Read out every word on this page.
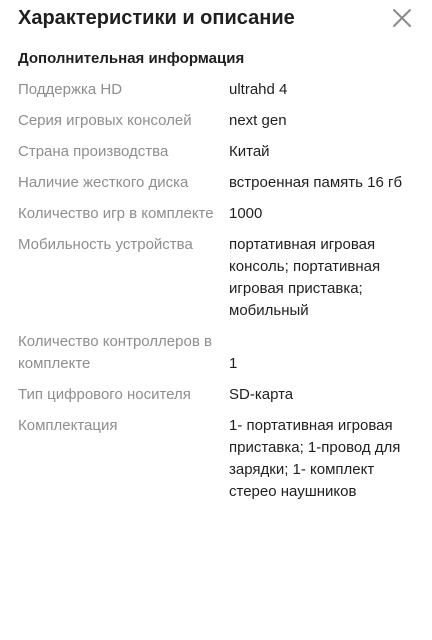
Характеристики и описание
Дополнительная информация
Поддержка HD	ultrahd 4
Серия игровых консолей	next gen
Страна производства	Китай
Наличие жесткого диска	встроенная память 16 гб
Количество игр в комплекте	1000
Мобильность устройства	портативная игровая консоль; портативная игровая приставка; мобильный
Количество контроллеров в комплекте	1
Тип цифрового носителя	SD-карта
Комплектация	1- портативная игровая приставка; 1-провод для зарядки; 1- комплект стерео наушников
